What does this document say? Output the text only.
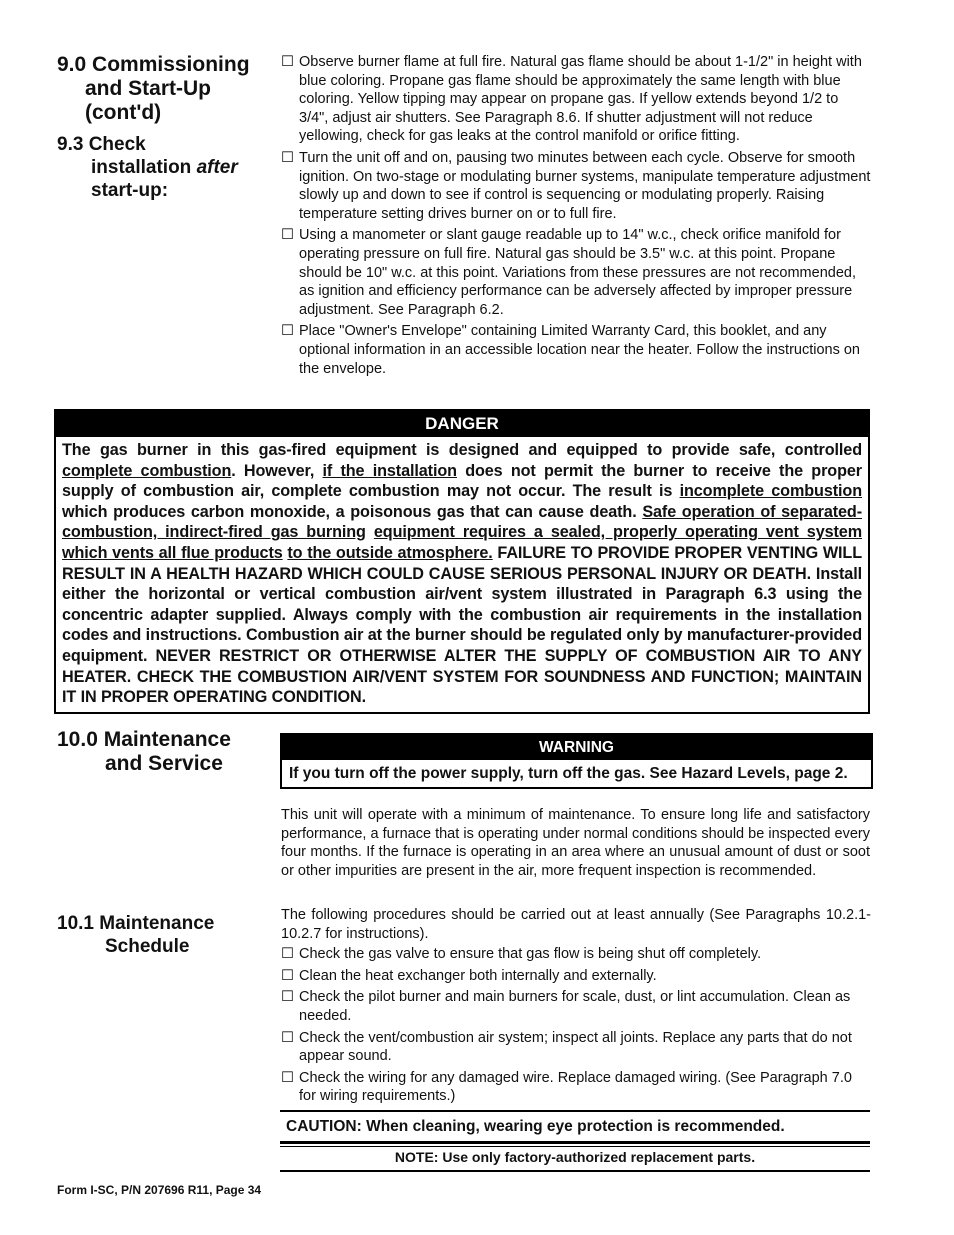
9.0 Commissioning
and Start-Up
(cont'd)
9.3 Check
installation after
start-up:
☐ Observe burner flame at full fire. Natural gas flame should be about 1-1/2" in height with blue coloring. Propane gas flame should be approximately the same length with blue coloring. Yellow tipping may appear on propane gas. If yellow extends beyond 1/2 to 3/4", adjust air shutters. See Paragraph 8.6. If shutter adjustment will not reduce yellowing, check for gas leaks at the control manifold or orifice fitting.
☐ Turn the unit off and on, pausing two minutes between each cycle. Observe for smooth ignition. On two-stage or modulating burner systems, manipulate temperature adjustment slowly up and down to see if control is sequencing or modulating properly. Raising temperature setting drives burner on or to full fire.
☐ Using a manometer or slant gauge readable up to 14" w.c., check orifice manifold for operating pressure on full fire. Natural gas should be 3.5" w.c. at this point. Propane should be 10" w.c. at this point. Variations from these pressures are not recommended, as ignition and efficiency performance can be adversely affected by improper pressure adjustment. See Paragraph 6.2.
☐ Place "Owner's Envelope" containing Limited Warranty Card, this booklet, and any optional information in an accessible location near the heater. Follow the instructions on the envelope.
DANGER
The gas burner in this gas-fired equipment is designed and equipped to provide safe, controlled complete combustion. However, if the installation does not permit the burner to receive the proper supply of combustion air, complete combustion may not occur. The result is incomplete combustion which produces carbon monoxide, a poisonous gas that can cause death. Safe operation of separated-combustion, indirect-fired gas burning equipment requires a sealed, properly operating vent system which vents all flue products to the outside atmosphere. FAILURE TO PROVIDE PROPER VENTING WILL RESULT IN A HEALTH HAZARD WHICH COULD CAUSE SERIOUS PERSONAL INJURY OR DEATH. Install either the horizontal or vertical combustion air/vent system illustrated in Paragraph 6.3 using the concentric adapter supplied. Always comply with the combustion air requirements in the installation codes and instructions. Combustion air at the burner should be regulated only by manufacturer-provided equipment. NEVER RESTRICT OR OTHERWISE ALTER THE SUPPLY OF COMBUSTION AIR TO ANY HEATER. CHECK THE COMBUSTION AIR/VENT SYSTEM FOR SOUNDNESS AND FUNCTION; MAINTAIN IT IN PROPER OPERATING CONDITION.
10.0 Maintenance
and Service
WARNING
If you turn off the power supply, turn off the gas. See Hazard Levels, page 2.
This unit will operate with a minimum of maintenance. To ensure long life and satisfactory performance, a furnace that is operating under normal conditions should be inspected every four months. If the furnace is operating in an area where an unusual amount of dust or soot or other impurities are present in the air, more frequent inspection is recommended.
10.1 Maintenance
Schedule
The following procedures should be carried out at least annually (See Paragraphs 10.2.1-10.2.7 for instructions).
☐ Check the gas valve to ensure that gas flow is being shut off completely.
☐ Clean the heat exchanger both internally and externally.
☐ Check the pilot burner and main burners for scale, dust, or lint accumulation. Clean as needed.
☐ Check the vent/combustion air system; inspect all joints. Replace any parts that do not appear sound.
☐ Check the wiring for any damaged wire. Replace damaged wiring. (See Paragraph 7.0 for wiring requirements.)
CAUTION: When cleaning, wearing eye protection is recommended.
NOTE: Use only factory-authorized replacement parts.
Form I-SC, P/N 207696 R11, Page 34
